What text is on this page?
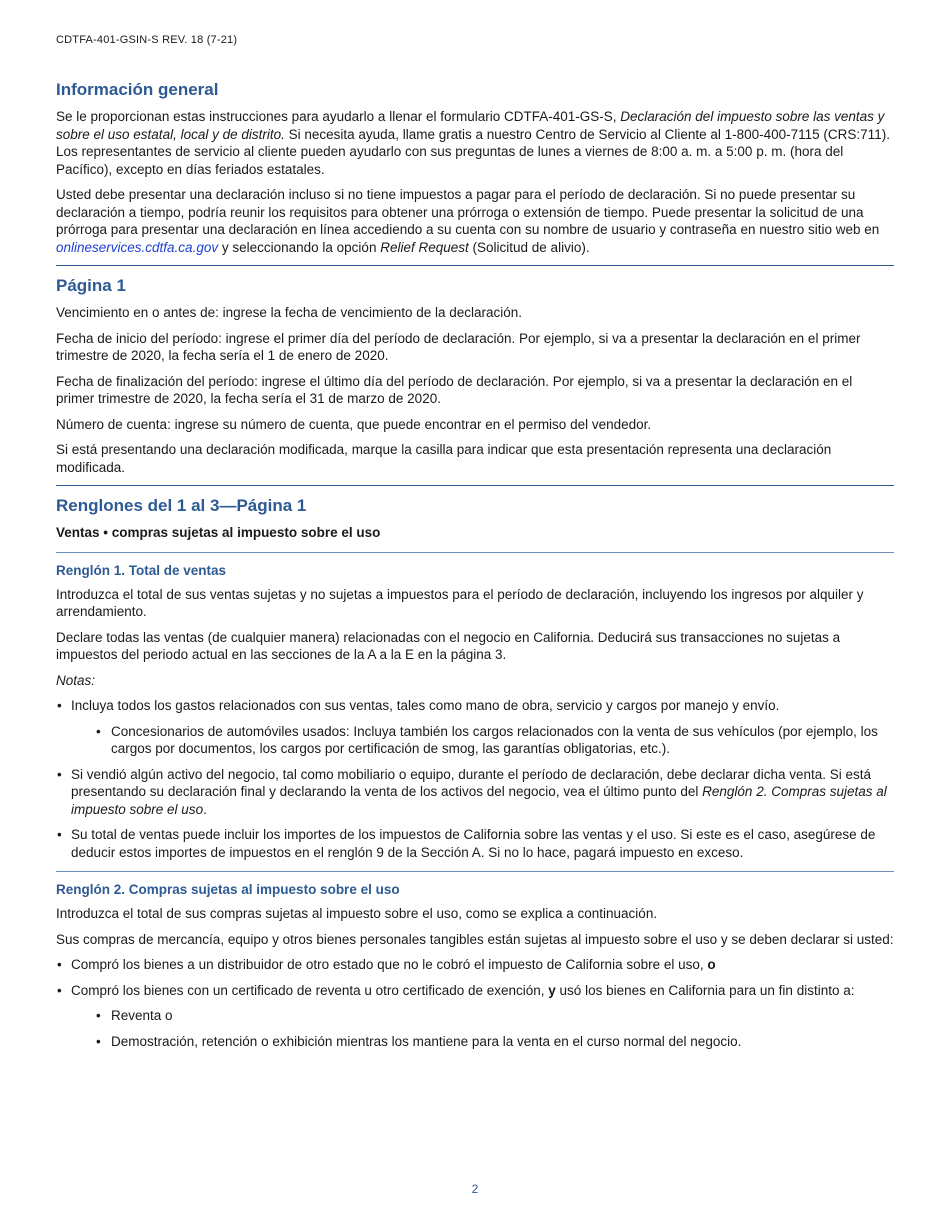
CDTFA-401-GSIN-S REV. 18 (7-21)
Información general

Se le proporcionan estas instrucciones para ayudarlo a llenar el formulario CDTFA-401-GS-S, Declaración del impuesto sobre las ventas y sobre el uso estatal, local y de distrito. Si necesita ayuda, llame gratis a nuestro Centro de Servicio al Cliente al 1-800-400-7115 (CRS:711). Los representantes de servicio al cliente pueden ayudarlo con sus preguntas de lunes a viernes de 8:00 a. m. a 5:00 p. m. (hora del Pacífico), excepto en días feriados estatales.

Usted debe presentar una declaración incluso si no tiene impuestos a pagar para el período de declaración. Si no puede presentar su declaración a tiempo, podría reunir los requisitos para obtener una prórroga o extensión de tiempo. Puede presentar la solicitud de una prórroga para presentar una declaración en línea accediendo a su cuenta con su nombre de usuario y contraseña en nuestro sitio web en onlineservices.cdtfa.ca.gov y seleccionando la opción Relief Request (Solicitud de alivio).

Página 1

Vencimiento en o antes de: ingrese la fecha de vencimiento de la declaración.

Fecha de inicio del período: ingrese el primer día del período de declaración. Por ejemplo, si va a presentar la declaración en el primer trimestre de 2020, la fecha sería el 1 de enero de 2020.

Fecha de finalización del período: ingrese el último día del período de declaración. Por ejemplo, si va a presentar la declaración en el primer trimestre de 2020, la fecha sería el 31 de marzo de 2020.

Número de cuenta: ingrese su número de cuenta, que puede encontrar en el permiso del vendedor.

Si está presentando una declaración modificada, marque la casilla para indicar que esta presentación representa una declaración modificada.

Renglones del 1 al 3—Página 1

Ventas • compras sujetas al impuesto sobre el uso

Renglón 1. Total de ventas

Introduzca el total de sus ventas sujetas y no sujetas a impuestos para el período de declaración, incluyendo los ingresos por alquiler y arrendamiento.

Declare todas las ventas (de cualquier manera) relacionadas con el negocio en California. Deducirá sus transacciones no sujetas a impuestos del periodo actual en las secciones de la A a la E en la página 3.

Notas:

• Incluya todos los gastos relacionados con sus ventas, tales como mano de obra, servicio y cargos por manejo y envío.
• Concesionarios de automóviles usados: Incluya también los cargos relacionados con la venta de sus vehículos (por ejemplo, los cargos por documentos, los cargos por certificación de smog, las garantías obligatorias, etc.).
• Si vendió algún activo del negocio, tal como mobiliario o equipo, durante el período de declaración, debe declarar dicha venta. Si está presentando su declaración final y declarando la venta de los activos del negocio, vea el último punto del Renglón 2. Compras sujetas al impuesto sobre el uso.
• Su total de ventas puede incluir los importes de los impuestos de California sobre las ventas y el uso. Si este es el caso, asegúrese de deducir estos importes de impuestos en el renglón 9 de la Sección A. Si no lo hace, pagará impuesto en exceso.
Renglón 2. Compras sujetas al impuesto sobre el uso

Introduzca el total de sus compras sujetas al impuesto sobre el uso, como se explica a continuación.

Sus compras de mercancía, equipo y otros bienes personales tangibles están sujetas al impuesto sobre el uso y se deben declarar si usted:

• Compró los bienes a un distribuidor de otro estado que no le cobró el impuesto de California sobre el uso, o
• Compró los bienes con un certificado de reventa u otro certificado de exención, y usó los bienes en California para un fin distinto a:
• Reventa o
• Demostración, retención o exhibición mientras los mantiene para la venta en el curso normal del negocio.
2
